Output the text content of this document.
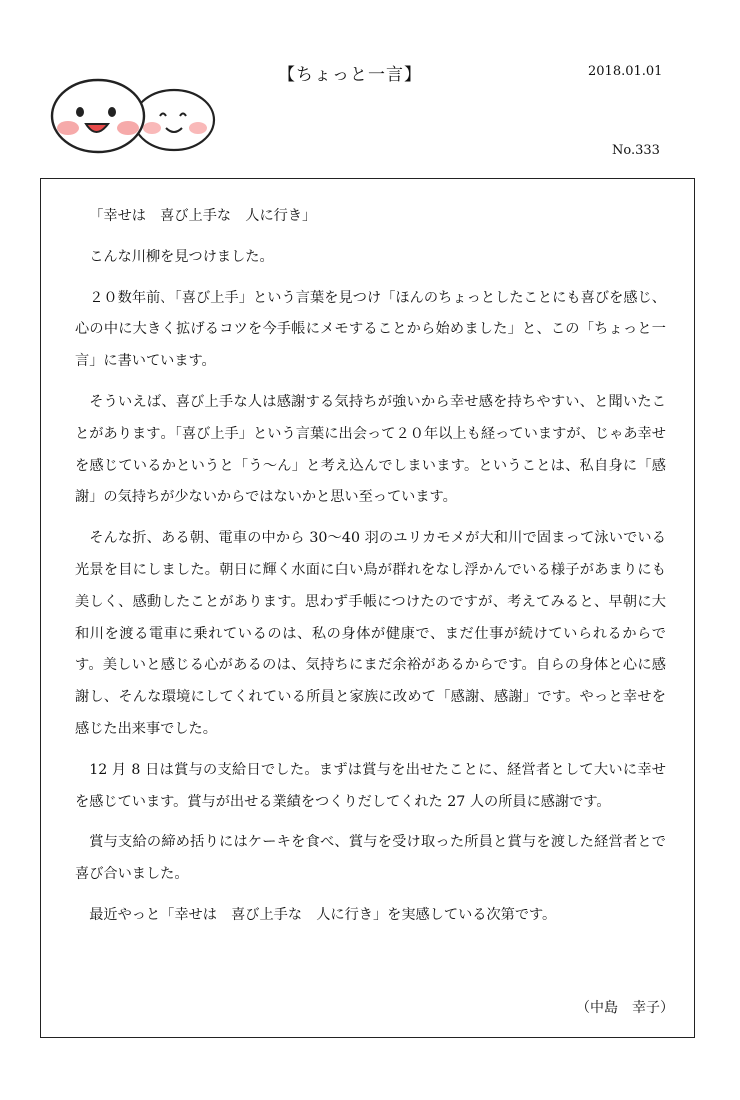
【ちょっと一言】	2018.01.01
No.333

「幸せは　喜び上手な　人に行き」

こんな川柳を見つけました。

２０数年前､「喜び上手」という言葉を見つけ「ほんのちょっとしたことにも喜びを感じ、心の中に大きく拡げるコツを今手帳にメモすることから始めました」と、この「ちょっと一言」に書いています。

そういえば、喜び上手な人は感謝する気持ちが強いから幸せ感を持ちやすい、と聞いたことがあります｡「喜び上手」という言葉に出会って２０年以上も経っていますが、じゃあ幸せを感じているかというと「う～ん」と考え込んでしまいます。ということは、私自身に「感謝」の気持ちが少ないからではないかと思い至っています。

そんな折、ある朝、電車の中から 30～40 羽のユリカモメが大和川で固まって泳いでいる光景を目にしました。朝日に輝く水面に白い鳥が群れをなし浮かんでいる様子があまりにも美しく、感動したことがあります。思わず手帳につけたのですが、考えてみると、早朝に大和川を渡る電車に乗れているのは、私の身体が健康で、まだ仕事が続けていられるからです。美しいと感じる心があるのは、気持ちにまだ余裕があるからです。自らの身体と心に感謝し、そんな環境にしてくれている所員と家族に改めて「感謝、感謝」です。やっと幸せを感じた出来事でした。

12 月 8 日は賞与の支給日でした。まずは賞与を出せたことに、経営者として大いに幸せを感じています。賞与が出せる業績をつくりだしてくれた 27 人の所員に感謝です。

賞与支給の締め括りにはケーキを食べ、賞与を受け取った所員と賞与を渡した経営者とで喜び合いました。

最近やっと「幸せは　喜び上手な　人に行き」を実感している次第です。

（中島　幸子）
